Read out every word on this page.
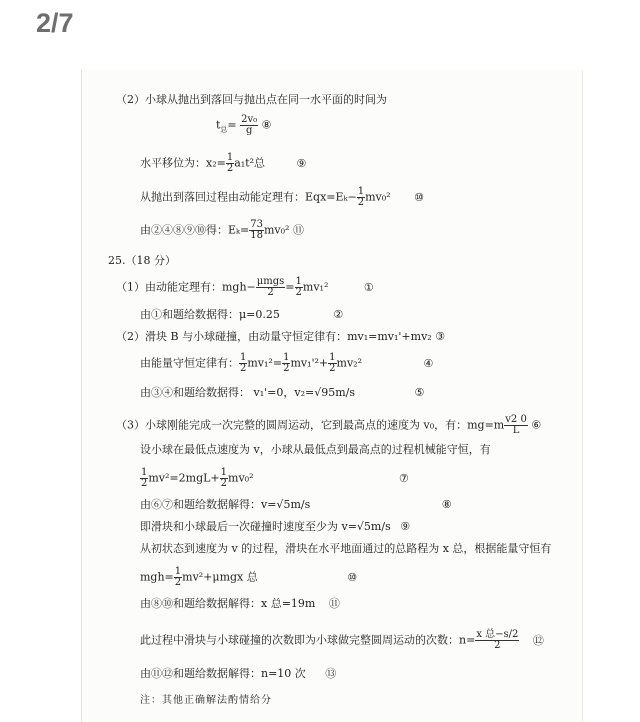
2/7
（2）小球从抛出到落回与抛出点在同一水平面的时间为
$t_总= \frac{\text{2v₀}}{g}$ ⑧
水平移位为：$x_2= \frac{1}{2} a_1t^2$总	⑨
从抛出到落回过程由动能定理有：$Eqx=E_k- \frac{1}{2} mv_0^2$ ⑩
由②④⑧⑨⑩得：$E_k= \frac{73}{18} mv_0^2$ ⑪
25.（18 分）
（1）由动能定理有：mgh− μmgs
2	= $\frac{1}{2} mv_1^2$	①
由①和题给数据得：μ=0.25	②
（2）滑块 B 与小球碰撞，由动量守恒定律有：mv₁=mv₁'+mv₂ ③
由能量守恒定律有： $\frac{1}{2} mv_1^2= \frac{1}{2} mv_1'^2+ \frac{1}{2} mv_2^2$	④
由③④和题给数据得： v₁'=0，v₂=√95m/s	⑤
（3）小球刚能完成一次完整的圆周运动，它到最高点的速度为 v₀，有：$mg=m \frac{v2 0}{L}$ ⑥
设小球在最低点速度为 v，小球从最低点到最高点的过程机械能守恒，有
$\frac{1}{2} mv^2=2mgL+ \frac{1}{2} mv_0^2$	⑦
由⑥⑦和题给数据解得：v=√5m/s	⑧
即滑块和小球最后一次碰撞时速度至少为 v=√5m/s ⑨
从初状态到速度为 v 的过程，滑块在水平地面通过的总路程为 x 总，根据能量守恒有
$mgh= \frac{1}{2} mv^2+\mu mgx$ 总	⑩
由⑧⑩和题给数据解得：x 总=19m ⑪
此过程中滑块与小球碰撞的次数即为小球做完整圆周运动的次数：n= x 总−s/2
2	⑫
由⑪⑫和题给数据解得：n=10 次 ⑬
注：其他正确解法酌情给分
